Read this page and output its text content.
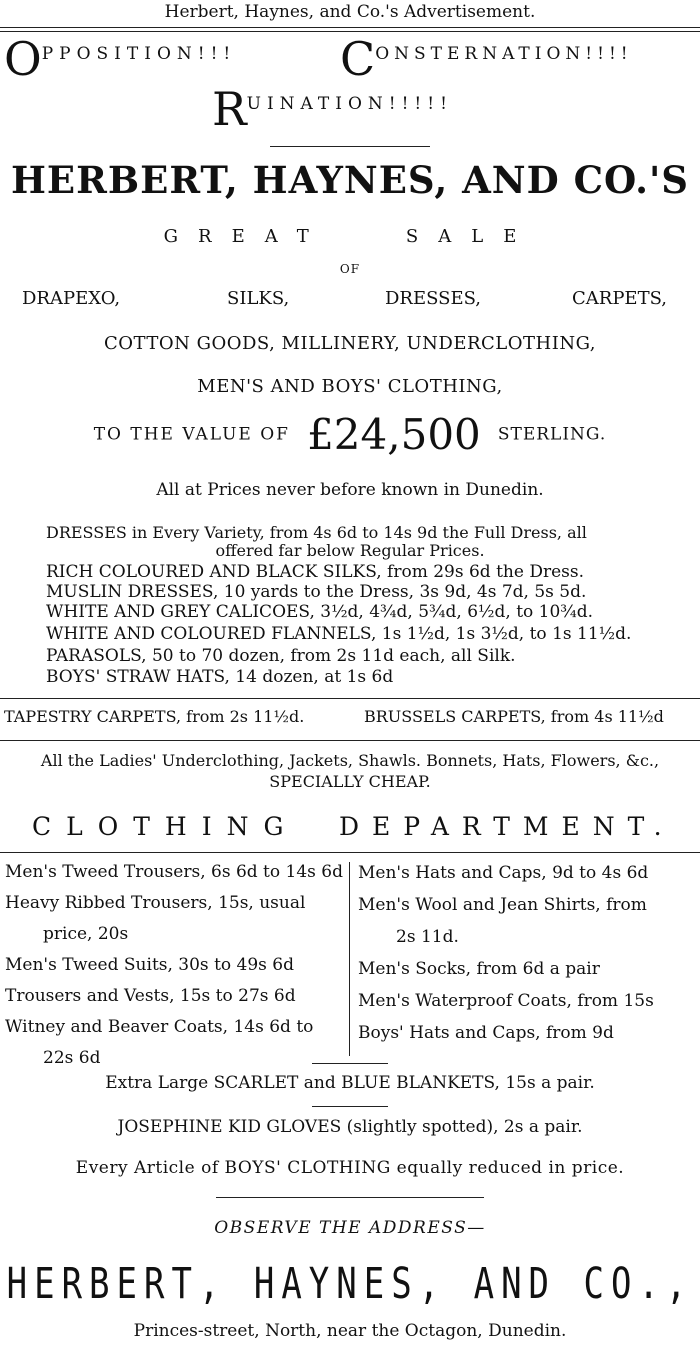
Herbert, Haynes, and Co.'s Advertisement.
OPPOSITION!!! CONSTERNATION!!!!
RUINATION!!!!!
HERBERT, HAYNES, AND CO.'S
GREAT   SALE
OF
DRAPEXO,	SILKS,	DRESSES,	CARPETS,
COTTON GOODS, MILLINERY, UNDERCLOTHING,
MEN'S AND BOYS' CLOTHING,
TO THE VALUE OF £24,500 STERLING.
All at Prices never before known in Dunedin.
DRESSES in Every Variety, from 4s 6d to 14s 9d the Full Dress, all
offered far below Regular Prices.
RICH COLOURED AND BLACK SILKS, from 29s 6d the Dress.
MUSLIN DRESSES, 10 yards to the Dress, 3s 9d, 4s 7d, 5s 5d.
WHITE AND GREY CALICOES, 3½d, 4¾d, 5¾d, 6½d, to 10¾d.
WHITE AND COLOURED FLANNELS, 1s 1½d, 1s 3½d, to 1s 11½d.
PARASOLS, 50 to 70 dozen, from 2s 11d each, all Silk.
BOYS' STRAW HATS, 14 dozen, at 1s 6d
TAPESTRY CARPETS, from 2s 11½d.	BRUSSELS CARPETS, from 4s 11½d
All the Ladies' Underclothing, Jackets, Shawls. Bonnets, Hats, Flowers, &c.,
SPECIALLY CHEAP.
CLOTHING DEPARTMENT.
Men's Tweed Trousers, 6s 6d to 14s 6d
Heavy Ribbed Trousers, 15s, usual
price, 20s
Men's Tweed Suits, 30s to 49s 6d
Trousers and Vests, 15s to 27s 6d
Witney and Beaver Coats, 14s 6d to
22s 6d
Men's Hats and Caps, 9d to 4s 6d
Men's Wool and Jean Shirts, from
2s 11d.
Men's Socks, from 6d a pair
Men's Waterproof Coats, from 15s
Boys' Hats and Caps, from 9d
Extra Large SCARLET and BLUE BLANKETS, 15s a pair.
JOSEPHINE KID GLOVES (slightly spotted), 2s a pair.
Every Article of BOYS' CLOTHING equally reduced in price.
OBSERVE THE ADDRESS—
HERBERT, HAYNES, AND CO.,
Princes-street, North, near the Octagon, Dunedin.
